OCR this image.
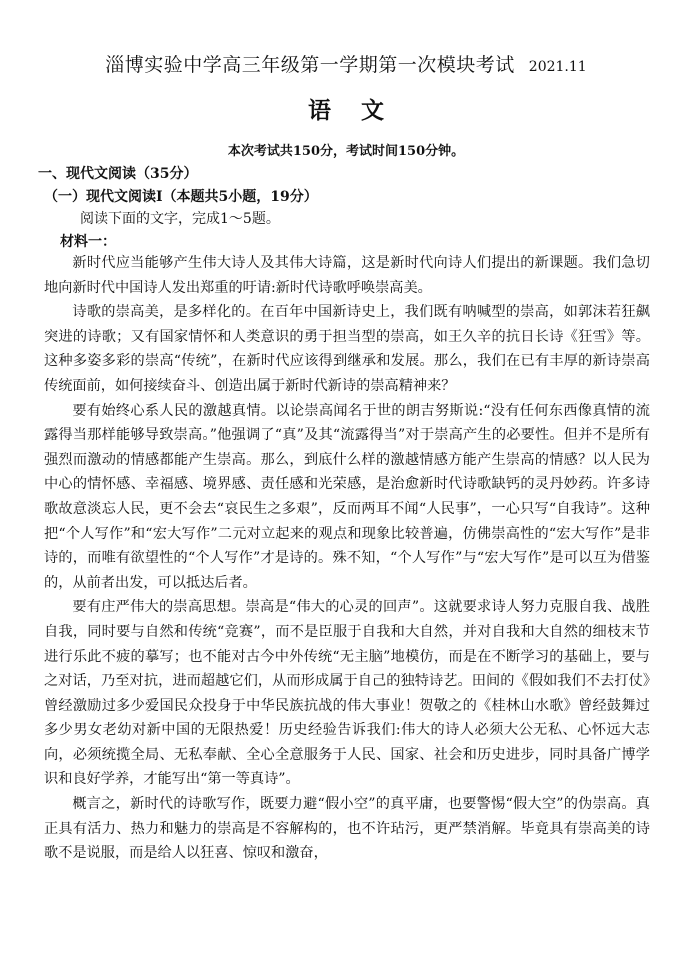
淄博实验中学高三年级第一学期第一次模块考试 2021.11
语文
本次考试共150分，考试时间150分钟。
一、现代文阅读（35分）
（一）现代文阅读Ⅰ（本题共5小题，19分）
阅读下面的文字，完成1～5题。
材料一：

新时代应当能够产生伟大诗人及其伟大诗篇，这是新时代向诗人们提出的新课题。我们急切地向新时代中国诗人发出郑重的吁请:新时代诗歌呼唤崇高美。

诗歌的崇高美，是多样化的。在百年中国新诗史上，我们既有呐喊型的崇高，如郭沫若狂飙突进的诗歌；又有国家情怀和人类意识的勇于担当型的崇高，如王久辛的抗日长诗《狂雪》等。这种多姿多彩的崇高“传统”，在新时代应该得到继承和发展。那么，我们在已有丰厚的新诗崇高传统面前，如何接续奋斗、创造出属于新时代新诗的崇高精神来？

要有始终心系人民的激越真情。以论崇高闻名于世的朗吉努斯说:“没有任何东西像真情的流露得当那样能够导致崇高。”他强调了“真”及其“流露得当”对于崇高产生的必要性。但并不是所有强烈而激动的情感都能产生崇高。那么，到底什么样的激越情感方能产生崇高的情感？以人民为中心的情怀感、幸福感、境界感、责任感和光荣感，是治愈新时代诗歌缺钙的灵丹妙药。许多诗歌故意淡忘人民，更不会去“哀民生之多艰”，反而两耳不闻“人民事”，一心只写“自我诗”。这种把“个人写作”和“宏大写作”二元对立起来的观点和现象比较普遍，仿佛崇高性的“宏大写作”是非诗的，而唯有欲望性的“个人写作”才是诗的。殊不知，“个人写作”与“宏大写作”是可以互为借鉴的，从前者出发，可以抵达后者。

要有庄严伟大的崇高思想。崇高是“伟大的心灵的回声”。这就要求诗人努力克服自我、战胜自我，同时要与自然和传统“竞赛”，而不是臣服于自我和大自然，并对自我和大自然的细枝末节进行乐此不疲的摹写；也不能对古今中外传统“无主脑”地模仿，而是在不断学习的基础上，要与之对话，乃至对抗，进而超越它们，从而形成属于自己的独特诗艺。田间的《假如我们不去打仗》曾经激励过多少爱国民众投身于中华民族抗战的伟大事业！贺敬之的《桂林山水歌》曾经鼓舞过多少男女老幼对新中国的无限热爱！历史经验告诉我们:伟大的诗人必须大公无私、心怀远大志向，必须统揽全局、无私奉献、全心全意服务于人民、国家、社会和历史进步，同时具备广博学识和良好学养，才能写出“第一等真诗”。

概言之，新时代的诗歌写作，既要力避“假小空”的真平庸，也要警惕“假大空”的伪崇高。真正具有活力、热力和魅力的崇高是不容解构的，也不许玷污，更严禁消解。毕竟具有崇高美的诗歌不是说服，而是给人以狂喜、惊叹和激奋，
